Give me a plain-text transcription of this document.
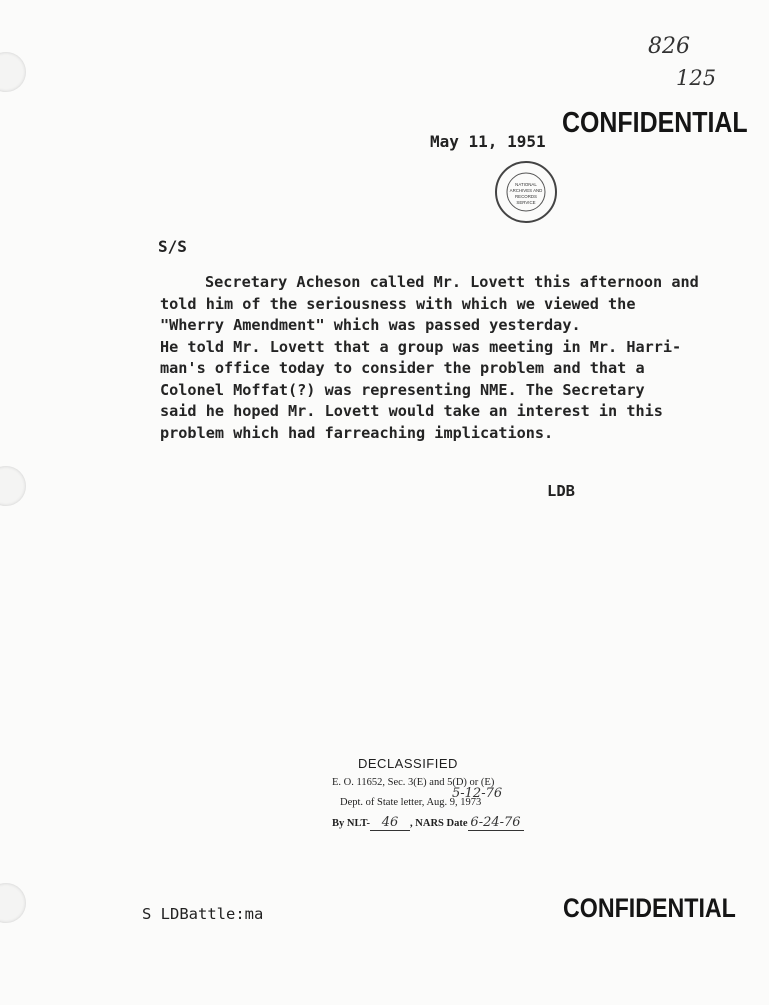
826
125
CONFIDENTIAL
May 11, 1951
NATIONAL
ARCHIVES AND
RECORDS
SERVICE
S/S
Secretary Acheson called Mr. Lovett this afternoon and
told him of the seriousness with which we viewed the
"Wherry Amendment" which was passed yesterday.
He told Mr. Lovett that a group was meeting in Mr. Harri-
man's office today to consider the problem and that a
Colonel Moffat(?) was representing NME. The Secretary
said he hoped Mr. Lovett would take an interest in this
problem which had farreaching implications.
LDB
DECLASSIFIED
E. O. 11652, Sec. 3(E) and 5(D) or (E)
5-12-76
Dept. of State letter, Aug. 9, 1973
By NLT- 46 , NARS Date 6-24-76
S LDBattle:ma	CONFIDENTIAL
